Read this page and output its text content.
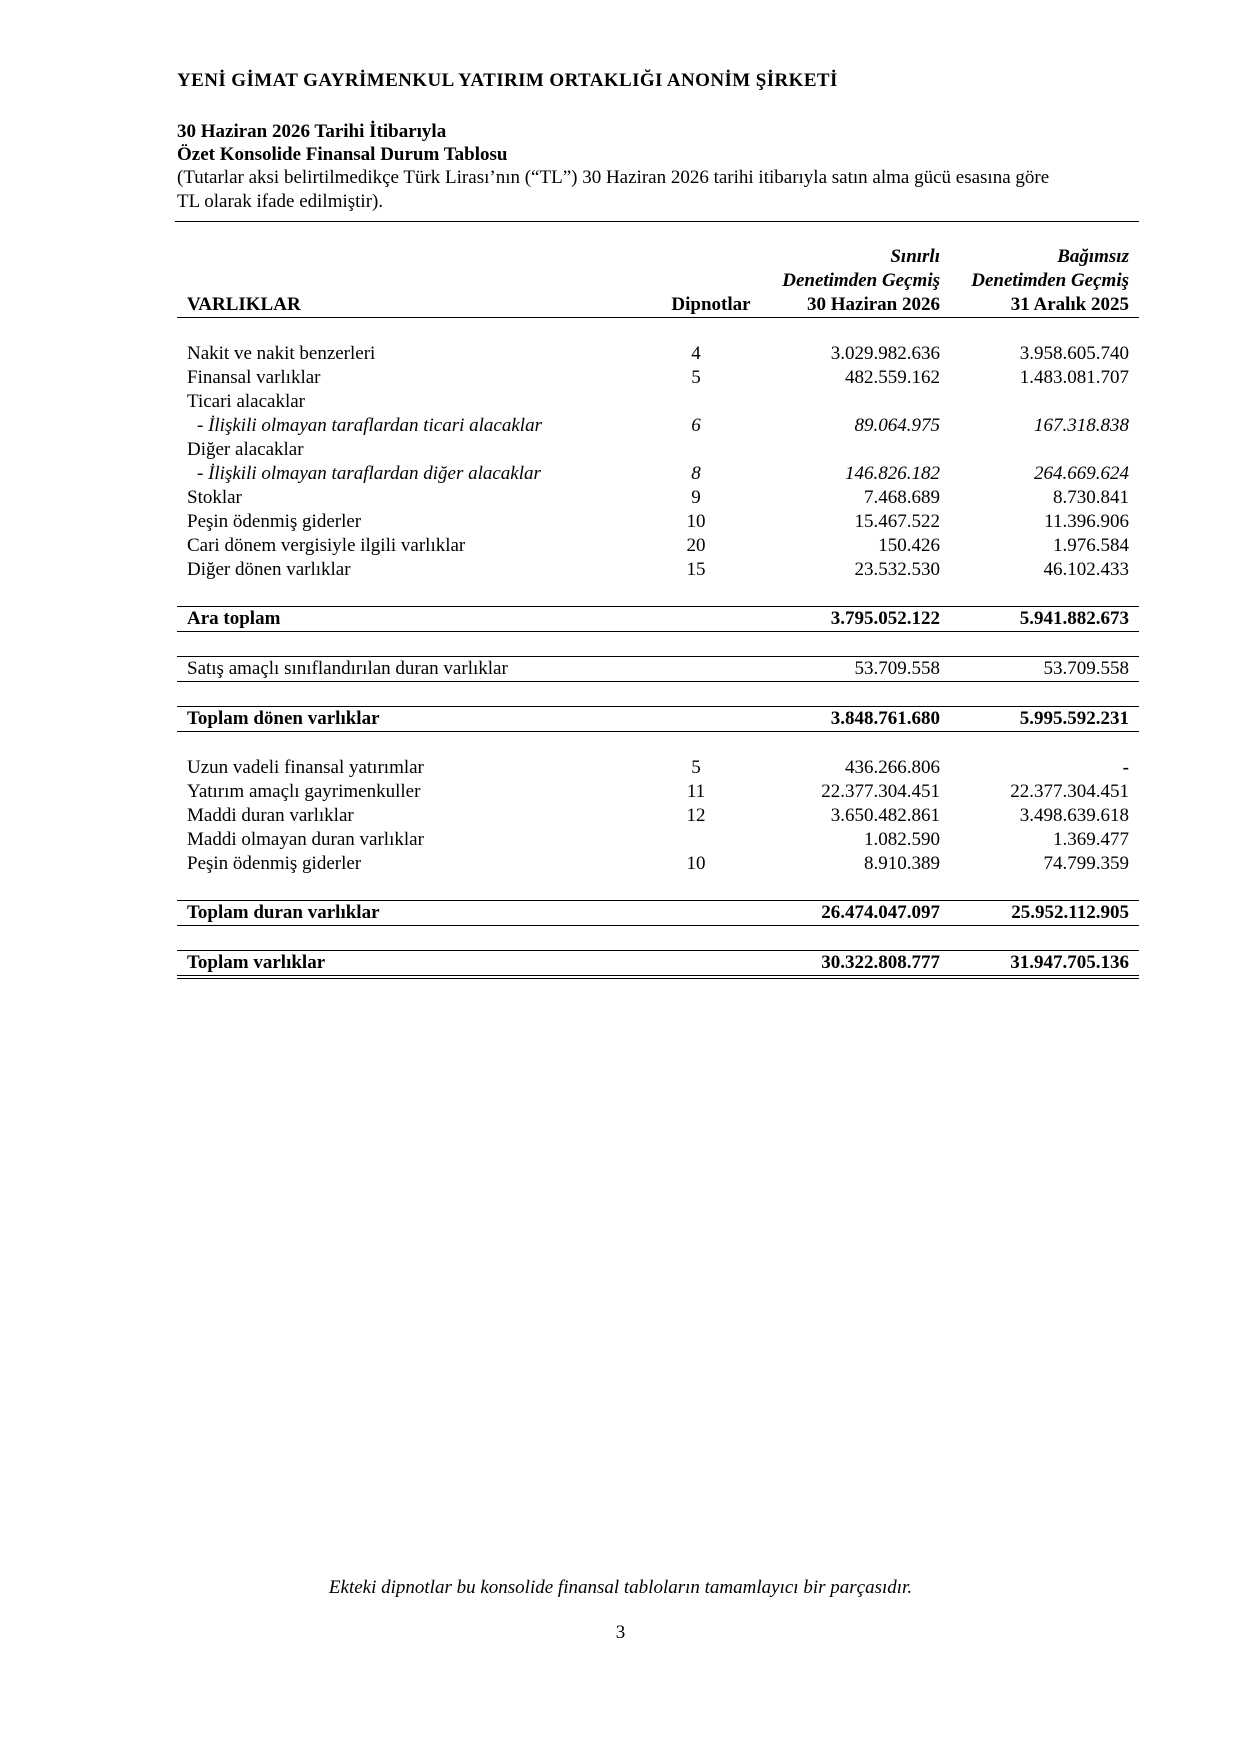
YENİ GİMAT GAYRİMENKUL YATIRIM ORTAKLIĞI ANONİM ŞİRKETİ
30 Haziran 2026 Tarihi İtibarıyla
Özet Konsolide Finansal Durum Tablosu
(Tutarlar aksi belirtilmedikçe Türk Lirası’nın (“TL”) 30 Haziran 2026 tarihi itibarıyla satın alma gücü esasına göre
TL olarak ifade edilmiştir).
		Sınırlı	Bağımsız
		Denetimden Geçmiş	Denetimden Geçmiş
VARLIKLAR	Dipnotlar	30 Haziran 2026	31 Aralık 2025

Nakit ve nakit benzerleri	4	3.029.982.636	3.958.605.740
Finansal varlıklar	5	482.559.162	1.483.081.707
Ticari alacaklar			
- İlişkili olmayan taraflardan ticari alacaklar	6	89.064.975	167.318.838
Diğer alacaklar			
- İlişkili olmayan taraflardan diğer alacaklar	8	146.826.182	264.669.624
Stoklar	9	7.468.689	8.730.841
Peşin ödenmiş giderler	10	15.467.522	11.396.906
Cari dönem vergisiyle ilgili varlıklar	20	150.426	1.976.584
Diğer dönen varlıklar	15	23.532.530	46.102.433

Ara toplam		3.795.052.122	5.941.882.673

Satış amaçlı sınıflandırılan duran varlıklar		53.709.558	53.709.558

Toplam dönen varlıklar		3.848.761.680	5.995.592.231

Uzun vadeli finansal yatırımlar	5	436.266.806	-
Yatırım amaçlı gayrimenkuller	11	22.377.304.451	22.377.304.451
Maddi duran varlıklar	12	3.650.482.861	3.498.639.618
Maddi olmayan duran varlıklar		1.082.590	1.369.477
Peşin ödenmiş giderler	10	8.910.389	74.799.359

Toplam duran varlıklar		26.474.047.097	25.952.112.905

Toplam varlıklar		30.322.808.777	31.947.705.136
Ekteki dipnotlar bu konsolide finansal tabloların tamamlayıcı bir parçasıdır.
3
